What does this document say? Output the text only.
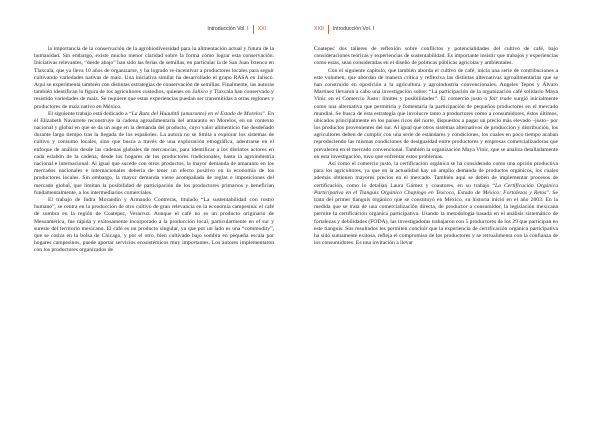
Introducción Vol. I XXI

la importancia de la conservación de la agrobiodiversidad para la alimentación actual y futura de la humanidad. Sin embargo, existe mucho menor claridad sobre la forma cómo lograr esta conservación. Iniciativas relevantes, “desde abajo” han sido las ferias de semillas, en particular la de San Juan Ixtenco en Tlaxcala, que ya lleva 10 años de organizarse, y ha logrado re-incentivar a productores locales para seguir cultivando variedades nativas de maíz. Una iniciativa similar ha desarrollado el grupo RASA en Jalisco. Aquí se experimenta también con distintas estrategias de conservación de semillas. Finalmente, las autoras también identifican la figura de los agricultores custodios, quienes en Jalisco y Tlaxcala han conservado y resistido variedades de maíz. Se requiere que estas experiencias puedan ser transmitidas a otras regiones y productores de maíz nativo en México.

El siguiente trabajo está dedicado a “La Ruta del Huauhtli (amaranto) en el Estado de Morelos”. En él Elizabeth Navarrete reconstruye la cadena agroalimentaria del amaranto en Morelos, en un contexto nacional y global en que se da un auge en la demanda del producto, cuyo valor alimenticio fue desdeñado durante largo tiempo tras la llegada de los españoles. La autora no se limita a explorar los sistemas de cultivo y consumo locales, sino que busca a través de una exploración etnográfica, adentrarse en el enfoque de análisis desde las cadenas globales de mercancías, para identificar a los distintos actores en cada eslabón de la cadena, desde los hogares de los productores tradicionales, hasta la agroindustria nacional e internacional. Al igual que sucede con otros productos, la mayor demanda de amaranto en los mercados nacionales e internacionales debería de tener un efecto positivo en la economía de los productores locales. Sin embargo, la mayor demanda viene acompañada de reglas e imposiciones del mercado global, que limitan la posibilidad de participación de los productores primarios y benefician fundamentalmente, a los intermediarios comerciales.

El trabajo de Indra Morandín y Armando Contreras, titulado “La sustentabilidad con rostro humano”, se centra en la producción de otro cultivo de gran relevancia en la economía campesina: el café de sombra en la región de Coatepec, Veracruz. Aunque el café no es un producto originario de Mesoamérica, fue rápida y exitosamente incorporado a la producción local, particularmente en el sur y sureste del territorio mexicano. El café es un producto singular, ya que por un lado es una “commodity”, que se cotiza en la bolsa de Chicago, y por el otro, bien cultivado bajo sombra en pequeña escala por hogares campesinos, puede aportar servicios ecosistémicos muy importantes. Los autores implementaron con los productores organizados de

XXII Introducción Vol. I

Coatepec dos talleres de reflexión sobre conflictos y potencialidades del cultivo de café, bajo consideraciones teóricas y experiencias de sustentabilidad. Es importante insistir que trabajos y experiencias como estas, sean consideradas en el diseño de políticas públicas agrícolas y ambientales.

Con el siguiente capítulo, que también aborda el cultivo de café, inicia una serie de contribuciones a este volumen, que abordan de manera crítica y reflexiva las distintas alternativas agroalimentarias que se han construido en oposición a la agricultura y agroindustria convencionales. Angeles Tepos y Álvaro Martínez llevaron a cabo una investigación sobre: “La participación de la organización café solidario Maya Vinic en el Comercio Justo: límites y posibilidades”. El comercio justo o fair trade surgió inicialmente como una alternativa que permitiría y fomentaría la participación de pequeños productores en el mercado mundial. Se busca de esta estrategia que involucre tanto a productores como a consumidores, éstos últimos, ubicados principalmente en los países ricos del norte, dispuestos a pagar un precio más elevado –justo– por los productos provenientes del sur. Al igual que otros sistemas alternativos de producción y distribución, los agricultores deben de cumplir con una serie de estándares y condiciones, los cuales en poco tiempo acaban reproduciendo las mismas condiciones de desigualdad entre productores y empresas comercializadoras que prevalecen en el mercado convencional. También la organización Maya Vinic, que se analiza detalladamente en esta investigación, tuvo que enfrentar estos problemas.

Así como el comercio justo, la certificación orgánica se ha considerado como una opción productiva para los agricultores, ya que en la actualidad hay un amplio demanda de productos orgánicos, los cuales además obtienen mayores precios en el mercado. También aquí se deben de implementar procesos de certificación, como lo detallan Laura Gómez y coautores, en su trabajo “La Certificación Orgánica Participativa en el Tianguis Orgánico Chapingo en Texcoco, Estado de México: Fortalezas y Retos”. Se trata del primer tianguis orgánico que se constituyó en México, su historia inició en el año 2003. En la medida que se trata de una comercialización directa, de productor a consumidor, la legislación mexicana permite la certificación orgánica participativa. Usando la metodología basada en el análisis sistemático de fortalezas y debilidades (FODA), las investigadoras trabajaron con 5 productores de los 29 que participan en este tianguis. Sus resultados les permiten concluir que la experiencia de certificación orgánica participativa ha sido sumamente exitosa, refleja el compromiso de los productores y se retroalimenta con la confianza de los consumidores. Es una invitación a llevar
